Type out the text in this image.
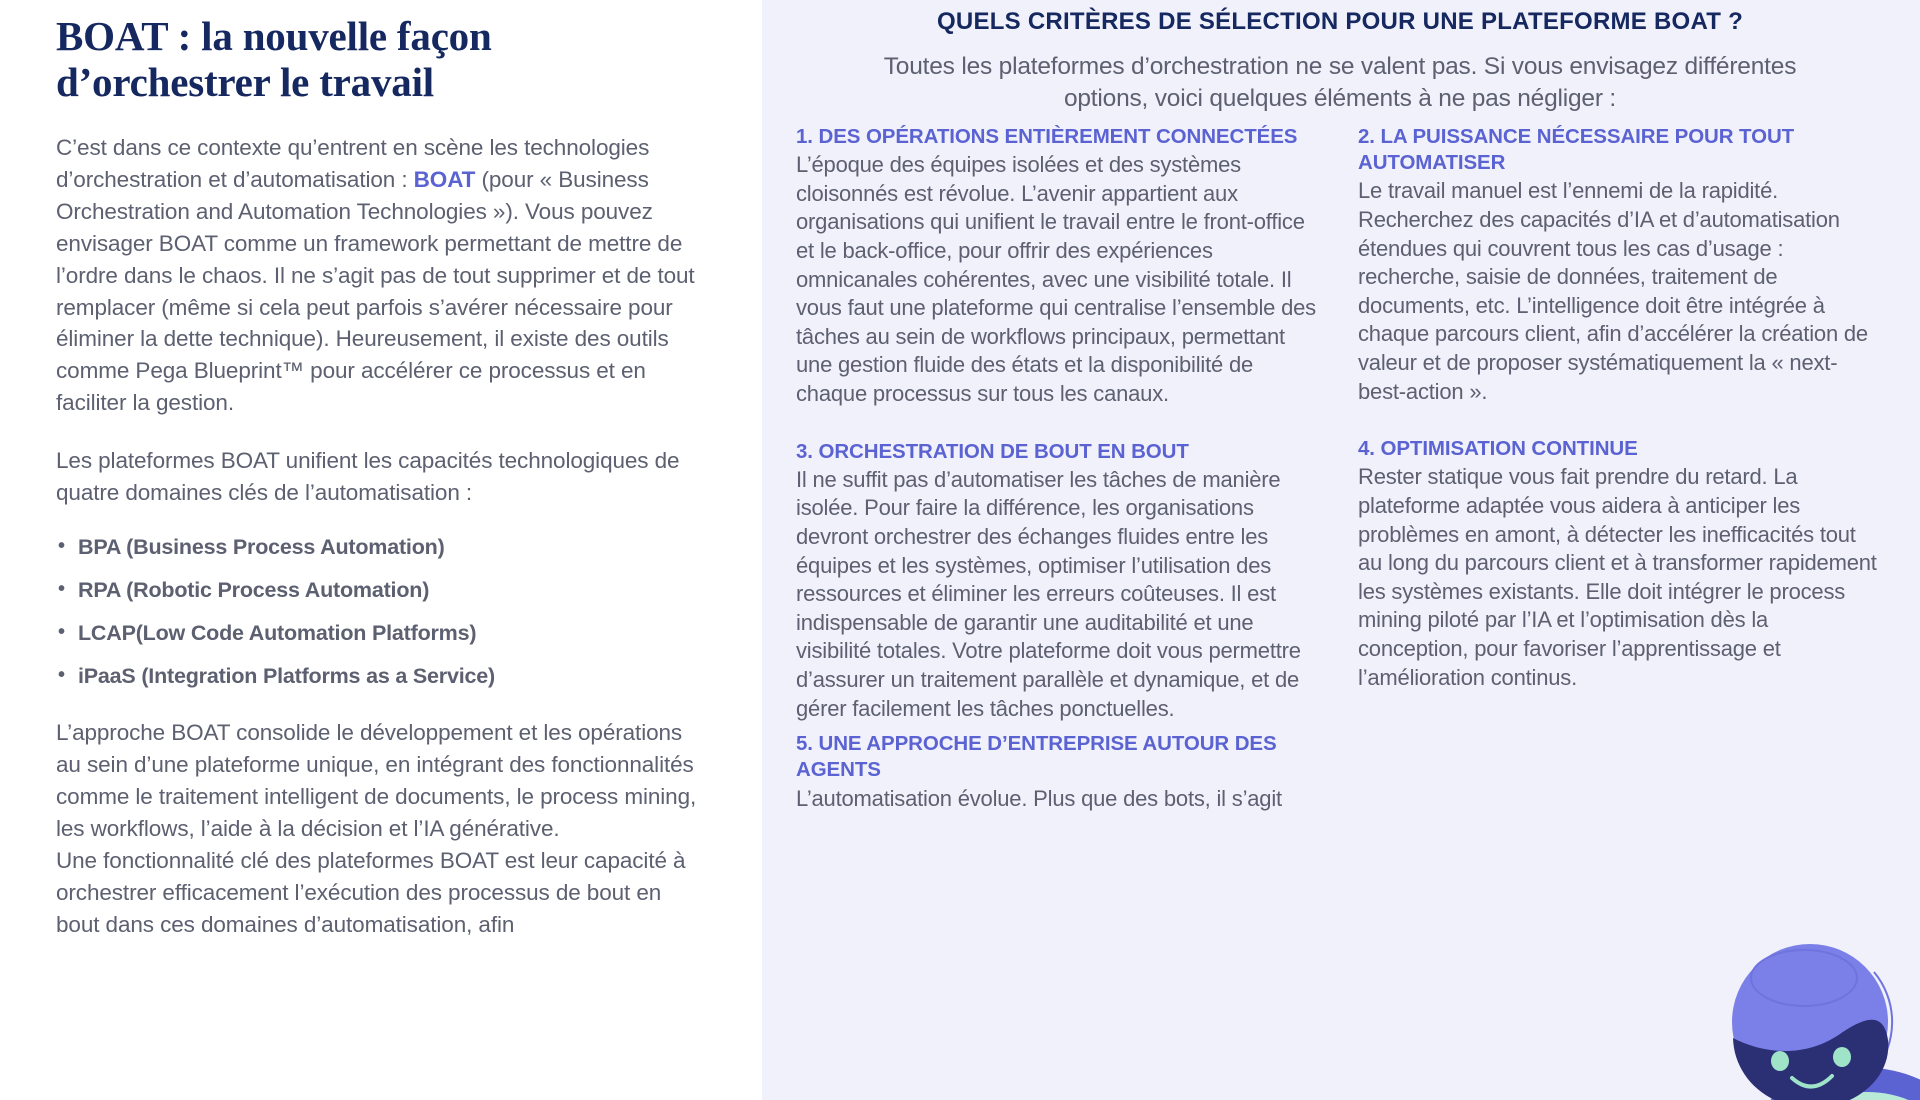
BOAT : la nouvelle façon d’orchestrer le travail

C’est dans ce contexte qu’entrent en scène les technologies d’orchestration et d’automatisation : BOAT (pour « Business Orchestration and Automation Technologies »). Vous pouvez envisager BOAT comme un framework permettant de mettre de l’ordre dans le chaos. Il ne s’agit pas de tout supprimer et de tout remplacer (même si cela peut parfois s’avérer nécessaire pour éliminer la dette technique). Heureusement, il existe des outils comme Pega Blueprint™ pour accélérer ce processus et en faciliter la gestion.

Les plateformes BOAT unifient les capacités technologiques de quatre domaines clés de l’automatisation :

• BPA (Business Process Automation)
• RPA (Robotic Process Automation)
• LCAP(Low Code Automation Platforms)
• iPaaS (Integration Platforms as a Service)

L’approche BOAT consolide le développement et les opérations au sein d’une plateforme unique, en intégrant des fonctionnalités comme le traitement intelligent de documents, le process mining, les workflows, l’aide à la décision et l’IA générative.

Une fonctionnalité clé des plateformes BOAT est leur capacité à orchestrer efficacement l’exécution des processus de bout en bout dans ces domaines d’automatisation, afin

QUELS CRITÈRES DE SÉLECTION POUR UNE PLATEFORME BOAT ?

Toutes les plateformes d’orchestration ne se valent pas. Si vous envisagez différentes options, voici quelques éléments à ne pas négliger :

1. DES OPÉRATIONS ENTIÈREMENT CONNECTÉES

L’époque des équipes isolées et des systèmes cloisonnés est révolue. L’avenir appartient aux organisations qui unifient le travail entre le front-office et le back-office, pour offrir des expériences omnicanales cohérentes, avec une visibilité totale. Il vous faut une plateforme qui centralise l’ensemble des tâches au sein de workflows principaux, permettant une gestion fluide des états et la disponibilité de chaque processus sur tous les canaux.

3. ORCHESTRATION DE BOUT EN BOUT

Il ne suffit pas d’automatiser les tâches de manière isolée. Pour faire la différence, les organisations devront orchestrer des échanges fluides entre les équipes et les systèmes, optimiser l’utilisation des ressources et éliminer les erreurs coûteuses. Il est indispensable de garantir une auditabilité et une visibilité totales. Votre plateforme doit vous permettre d’assurer un traitement parallèle et dynamique, et de gérer facilement les tâches ponctuelles.

5. UNE APPROCHE D’ENTREPRISE AUTOUR DES AGENTS

L’automatisation évolue. Plus que des bots, il s’agit

2. LA PUISSANCE NÉCESSAIRE POUR TOUT AUTOMATISER

Le travail manuel est l’ennemi de la rapidité. Recherchez des capacités d’IA et d’automatisation étendues qui couvrent tous les cas d’usage : recherche, saisie de données, traitement de documents, etc. L’intelligence doit être intégrée à chaque parcours client, afin d’accélérer la création de valeur et de proposer systématiquement la « next-best-action ».

4. OPTIMISATION CONTINUE

Rester statique vous fait prendre du retard. La plateforme adaptée vous aidera à anticiper les problèmes en amont, à détecter les inefficacités tout au long du parcours client et à transformer rapidement les systèmes existants. Elle doit intégrer le process mining piloté par l’IA et l’optimisation dès la conception, pour favoriser l’apprentissage et l’amélioration continus.
